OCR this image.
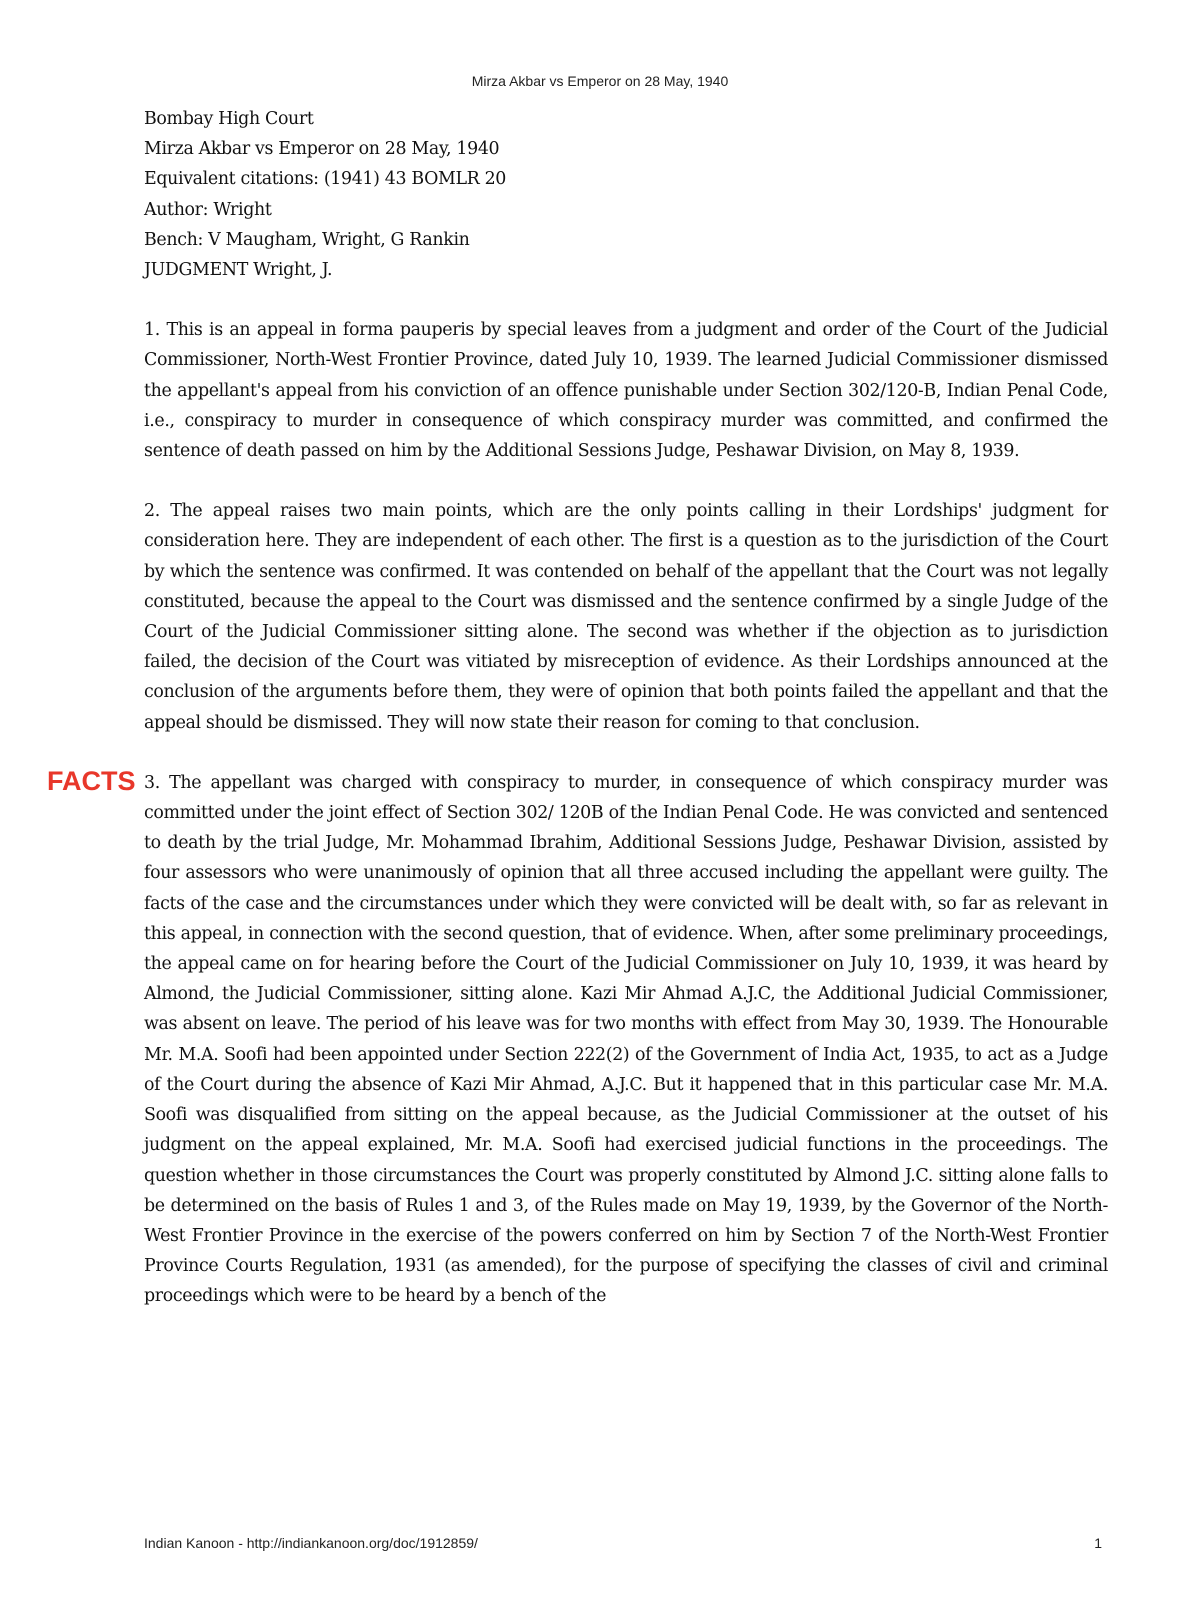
Mirza Akbar vs Emperor on 28 May, 1940
Bombay High Court
Mirza Akbar vs Emperor on 28 May, 1940
Equivalent citations: (1941) 43 BOMLR 20
Author: Wright
Bench: V Maugham, Wright, G Rankin
JUDGMENT Wright, J.

1. This is an appeal in forma pauperis by special leaves from a judgment and order of the Court of the Judicial Commissioner, North-West Frontier Province, dated July 10, 1939. The learned Judicial Commissioner dismissed the appellant's appeal from his conviction of an offence punishable under Section 302/120-B, Indian Penal Code, i.e., conspiracy to murder in consequence of which conspiracy murder was committed, and confirmed the sentence of death passed on him by the Additional Sessions Judge, Peshawar Division, on May 8, 1939.

2. The appeal raises two main points, which are the only points calling in their Lordships' judgment for consideration here. They are independent of each other. The first is a question as to the jurisdiction of the Court by which the sentence was confirmed. It was contended on behalf of the appellant that the Court was not legally constituted, because the appeal to the Court was dismissed and the sentence confirmed by a single Judge of the Court of the Judicial Commissioner sitting alone. The second was whether if the objection as to jurisdiction failed, the decision of the Court was vitiated by misreception of evidence. As their Lordships announced at the conclusion of the arguments before them, they were of opinion that both points failed the appellant and that the appeal should be dismissed. They will now state their reason for coming to that conclusion.

FACTS 3. The appellant was charged with conspiracy to murder, in consequence of which conspiracy murder was committed under the joint effect of Section 302/ 120B of the Indian Penal Code. He was convicted and sentenced to death by the trial Judge, Mr. Mohammad Ibrahim, Additional Sessions Judge, Peshawar Division, assisted by four assessors who were unanimously of opinion that all three accused including the appellant were guilty. The facts of the case and the circumstances under which they were convicted will be dealt with, so far as relevant in this appeal, in connection with the second question, that of evidence. When, after some preliminary proceedings, the appeal came on for hearing before the Court of the Judicial Commissioner on July 10, 1939, it was heard by Almond, the Judicial Commissioner, sitting alone. Kazi Mir Ahmad A.J.C, the Additional Judicial Commissioner, was absent on leave. The period of his leave was for two months with effect from May 30, 1939. The Honourable Mr. M.A. Soofi had been appointed under Section 222(2) of the Government of India Act, 1935, to act as a Judge of the Court during the absence of Kazi Mir Ahmad, A.J.C. But it happened that in this particular case Mr. M.A. Soofi was disqualified from sitting on the appeal because, as the Judicial Commissioner at the outset of his judgment on the appeal explained, Mr. M.A. Soofi had exercised judicial functions in the proceedings. The question whether in those circumstances the Court was properly constituted by Almond J.C. sitting alone falls to be determined on the basis of Rules 1 and 3, of the Rules made on May 19, 1939, by the Governor of the North-West Frontier Province in the exercise of the powers conferred on him by Section 7 of the North-West Frontier Province Courts Regulation, 1931 (as amended), for the purpose of specifying the classes of civil and criminal proceedings which were to be heard by a bench of the
Indian Kanoon - http://indiankanoon.org/doc/1912859/	1
